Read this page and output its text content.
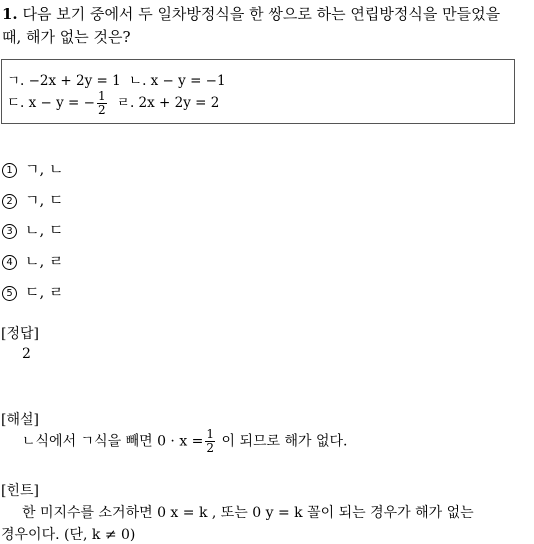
1. 다음 보기 중에서 두 일차방정식을 한 쌍으로 하는 연립방정식을 만들었을
때, 해가 없는 것은?
ㄱ. −2x + 2y = 1 ㄴ. x − y = −1
ㄷ. x − y = − $\frac{1}{2}$ ㄹ. 2x + 2y = 2
1 ㄱ, ㄴ
2 ㄱ, ㄷ
3 ㄴ, ㄷ
4 ㄴ, ㄹ
5 ㄷ, ㄹ
[정답]
2
[해설]
ㄴ식에서 ㄱ식을 빼면 $0 \cdot x = \frac{1}{2}$ 이 되므로 해가 없다.
[힌트]
한 미지수를 소거하면 0 x = k , 또는 0 y = k 꼴이 되는 경우가 해가 없는
경우이다. (단, k ≠ 0)
